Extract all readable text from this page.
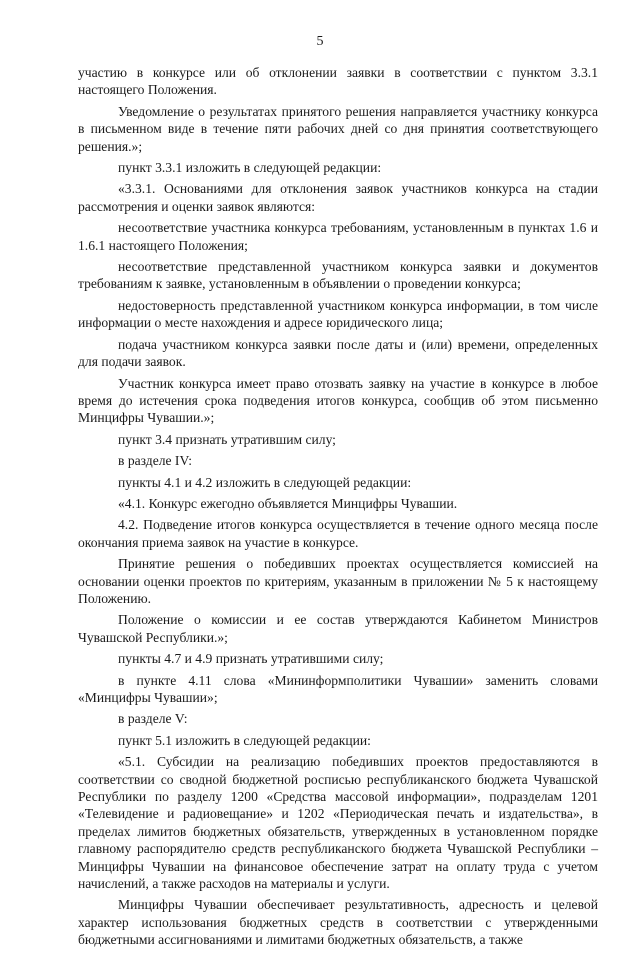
5

участию в конкурсе или об отклонении заявки в соответствии с пунктом 3.3.1 настоящего Положения.

Уведомление о результатах принятого решения направляется участнику конкурса в письменном виде в течение пяти рабочих дней со дня принятия соответствующего решения.»;

пункт 3.3.1 изложить в следующей редакции:

«3.3.1. Основаниями для отклонения заявок участников конкурса на стадии рассмотрения и оценки заявок являются:

несоответствие участника конкурса требованиям, установленным в пунктах 1.6 и 1.6.1 настоящего Положения;

несоответствие представленной участником конкурса заявки и документов требованиям к заявке, установленным в объявлении о проведении конкурса;

недостоверность представленной участником конкурса информации, в том числе информации о месте нахождения и адресе юридического лица;

подача участником конкурса заявки после даты и (или) времени, определенных для подачи заявок.

Участник конкурса имеет право отозвать заявку на участие в конкурсе в любое время до истечения срока подведения итогов конкурса, сообщив об этом письменно Минцифры Чувашии.»;

пункт 3.4 признать утратившим силу;

в разделе IV:

пункты 4.1 и 4.2 изложить в следующей редакции:

«4.1. Конкурс ежегодно объявляется Минцифры Чувашии.

4.2. Подведение итогов конкурса осуществляется в течение одного месяца после окончания приема заявок на участие в конкурсе.

Принятие решения о победивших проектах осуществляется комиссией на основании оценки проектов по критериям, указанным в приложении № 5 к настоящему Положению.

Положение о комиссии и ее состав утверждаются Кабинетом Министров Чувашской Республики.»;

пункты 4.7 и 4.9 признать утратившими силу;

в пункте 4.11 слова «Мининформполитики Чувашии» заменить словами «Минцифры Чувашии»;

в разделе V:

пункт 5.1 изложить в следующей редакции:

«5.1. Субсидии на реализацию победивших проектов предоставляются в соответствии со сводной бюджетной росписью республиканского бюджета Чувашской Республики по разделу 1200 «Средства массовой информации», подразделам 1201 «Телевидение и радиовещание» и 1202 «Периодическая печать и издательства», в пределах лимитов бюджетных обязательств, утвержденных в установленном порядке главному распорядителю средств республиканского бюджета Чувашской Республики – Минцифры Чувашии на финансовое обеспечение затрат на оплату труда с учетом начислений, а также расходов на материалы и услуги.

Минцифры Чувашии обеспечивает результативность, адресность и целевой характер использования бюджетных средств в соответствии с утвержденными бюджетными ассигнованиями и лимитами бюджетных обязательств, а также
